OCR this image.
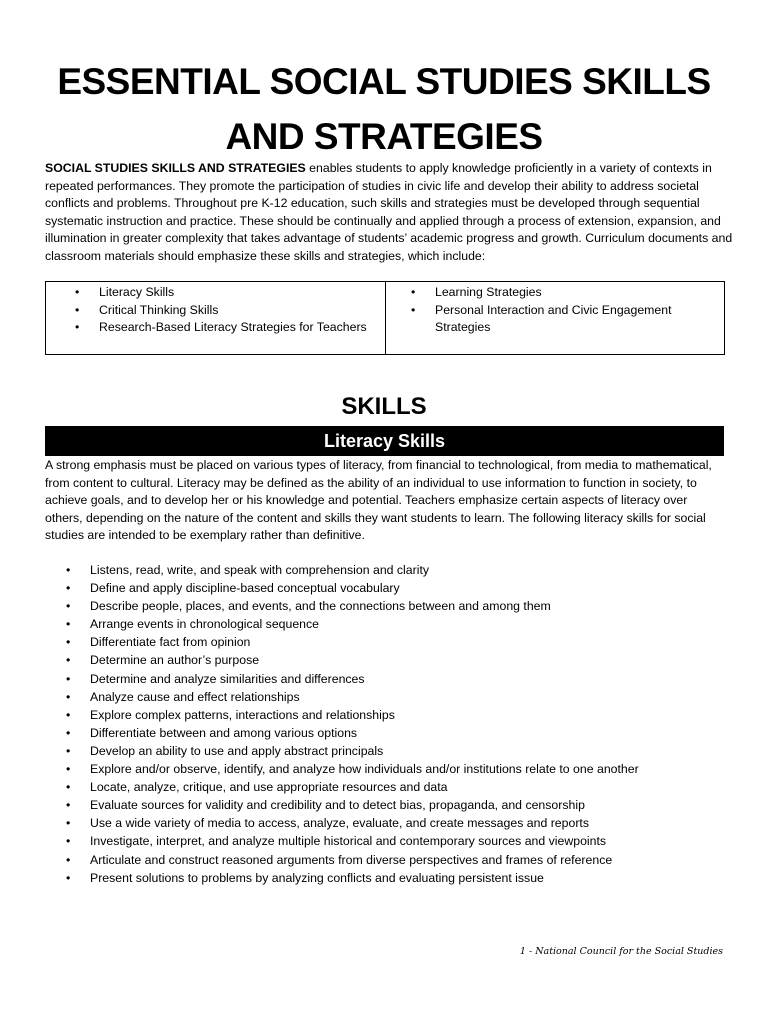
ESSENTIAL SOCIAL STUDIES SKILLS AND STRATEGIES

SOCIAL STUDIES SKILLS AND STRATEGIES enables students to apply knowledge proficiently in a variety of contexts in repeated performances. They promote the participation of studies in civic life and develop their ability to address societal conflicts and problems. Throughout pre K-12 education, such skills and strategies must be developed through sequential systematic instruction and practice. These should be continually and applied through a process of extension, expansion, and illumination in greater complexity that takes advantage of students’ academic progress and growth. Curriculum documents and classroom materials should emphasize these skills and strategies, which include:

• Literacy Skills
• Critical Thinking Skills
• Research-Based Literacy Strategies for Teachers
• Learning Strategies
• Personal Interaction and Civic Engagement Strategies
SKILLS
Literacy Skills

A strong emphasis must be placed on various types of literacy, from financial to technological, from media to mathematical, from content to cultural. Literacy may be defined as the ability of an individual to use information to function in society, to achieve goals, and to develop her or his knowledge and potential. Teachers emphasize certain aspects of literacy over others, depending on the nature of the content and skills they want students to learn. The following literacy skills for social studies are intended to be exemplary rather than definitive.

• Listens, read, write, and speak with comprehension and clarity
• Define and apply discipline-based conceptual vocabulary
• Describe people, places, and events, and the connections between and among them
• Arrange events in chronological sequence
• Differentiate fact from opinion
• Determine an author’s purpose
• Determine and analyze similarities and differences
• Analyze cause and effect relationships
• Explore complex patterns, interactions and relationships
• Differentiate between and among various options
• Develop an ability to use and apply abstract principals
• Explore and/or observe, identify, and analyze how individuals and/or institutions relate to one another
• Locate, analyze, critique, and use appropriate resources and data
• Evaluate sources for validity and credibility and to detect bias, propaganda, and censorship
• Use a wide variety of media to access, analyze, evaluate, and create messages and reports
• Investigate, interpret, and analyze multiple historical and contemporary sources and viewpoints
• Articulate and construct reasoned arguments from diverse perspectives and frames of reference
• Present solutions to problems by analyzing conflicts and evaluating persistent issue
1 - National Council for the Social Studies
